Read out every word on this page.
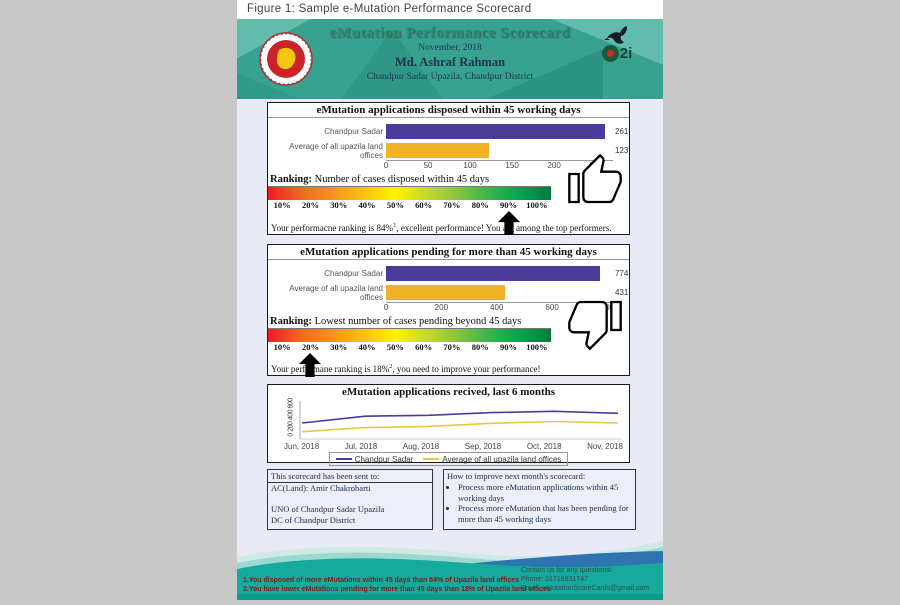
Figure 1: Sample e-Mutation Performance Scorecard
eMutation Performance Scorecard
November, 2018
Md. Ashraf Rahman
Chandpur Sadar Upazila, Chandpur District
2i
eMutation applications disposed within 45 working days
Chandpur Sadar	261
Average of all upazila land offices	123
0	50	100	150	200
Ranking: Number of cases disposed within 45 days
10%	20%	30%	40%	50%	60%	70%	80%	90%	100%
Your performacne ranking is 84%$^1$, excellent performance! You are among the top performers.
eMutation applications pending for more than 45 working days
Chandpur Sadar	774
Average of all upazila land offices	431
0	200	400	600
Ranking: Lowest number of cases pending beyond 45 days
10%	20%	30%	40%	50%	60%	70%	80%	90%	100%
Your performane ranking is 18%$^2$, you need to improve your performance!
eMutation applications recived, last 6 months
0 200 400 600
Jun, 2018	Jul, 2018	Aug, 2018	Sep, 2018	Oct, 2018	Nov, 2018
Chandpur Sadar	Average of all upazila land offices
This scorecard has been sent to:
AC(Land): Amir Chakrobarti
UNO of Chandpur Sadar Upazila
DC of Chandpur District
How to improve next month's scorecard:
• Process more eMutation applications within 45 working days
• Process more eMutation that has been pending for more than 45 working days
1.You disposed of more eMutations within 45 days than 84% of Upazila land offices
2.You have lower eMutations pending for more than 45 days than 18% of Upazila land offices
Contact us for any questions!
Phone: 01716931747
Email: eMutationScoreCards@gmail.com
